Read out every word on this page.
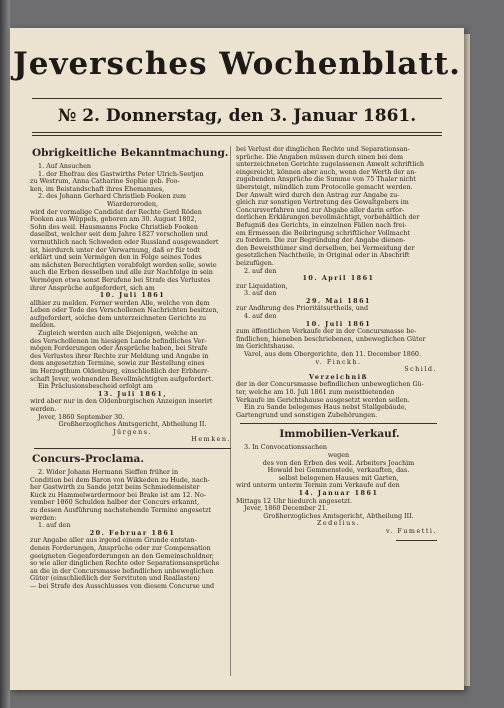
Jeversches Wochenblatt.
№ 2. Donnerstag, den 3. Januar 1861.
Obrigkeitliche Bekanntmachung.

1. Auf Ansuchen

1. der Ehefrau des Gastwirths Peter Ulrich-Seetjen

zu Westrum, Anna Catharine Sophie geb. Foo-

ken, im Beistandschaft ihres Ehemannes,

2. des Johann Gerhard Christlieb Fooken zum

Wiarderoroden,

wird der vormalige Candidat der Rechte Gerd Röden

Fooken aus Wüppels, geboren am 30. August 1802,

Sohn des weil. Hausmanns Focke Christlieb Fooken

daselbst, welcher seit dem Jahre 1827 verschollen und

vermuthlich nach Schweden oder Russland ausgewandert

ist, hierdurch unter der Verwarnung, daß er für todt

erklärt und sein Vermögen den in Folge seines Todes

am nächsten Berechtigten verabfolgt werden solle, sowie

auch die Erben desselben und alle zur Nachfolge in sein

Vermögen etwa sonst Berufene bei Strafe des Verlustes

ihrer Ansprüche aufgefordert, sich am

10. Juli 1861

allhier zu melden. Ferner werden Alle, welche von dem

Leben oder Tode des Verschollenen Nachrichten besitzen,

aufgefordert, solche dem unterzeichneten Gerichte zu

melden.

Zugleich werden auch alle Diejenigen, welche an

des Verschollenen im hiesigen Lande befindliches Ver-

mögen Forderungen oder Ansprüche haben, bei Strafe

des Verlustes ihrer Rechte zur Meldung und Angabe in

dem angesetzten Termine, sowie zur Bestellung eines

im Herzogthum Oldenburg, einschließlich der Erbherr-

schaft Jever, wohnenden Bevollmächtigten aufgefordert.

Ein Präclusionsbescheid erfolgt am

13. Juli 1861,

wird aber nur in den Oldenburgischen Anzeigen inserirt

werden.

Jever, 1860 September 30.

Großherzogliches Amtsgericht, Abtheilung II.

Jürgens.

Hemken.

Concurs-Proclama.

2. Wider Johann Hermann Sieffen früher in

Condition bei dem Baron von Wikkeden zu Hude, nach-

her Gastwirth zu Sande jetzt beim Schmiedemeister

Kuck zu Hammelwardermoor bei Brake ist am 12. No-

vember 1860 Schulden halber der Concurs erkannt,

zu dessen Ausführung nachstehende Termine angesetzt

werden:

1. auf den

20. Februar 1861

zur Angabe aller aus irgend einem Grunde entstan-

denen Forderungen, Ansprüche oder zur Compensation

geeigneten Gegenforderungen an den Gemeinschuldner,

so wie aller dinglichen Rechte oder Separationsansprüche

an die in der Concursmasse befindlichen unbeweglichen

Güter (einschließlich der Servituten und Reallasten)

— bei Strafe des Ausschlusses von diesem Concurse und

bei Verlust der dinglichen Rechte und Separationsan-

sprüche. Die Angaben müssen durch einen bei dem

unterzeichneten Gerichte zugelassenen Anwalt schriftlich

eingereicht, können aber auch, wenn der Werth der an-

zugebenden Ansprüche die Summe von 75 Thaler nicht

übersteigt, mündlich zum Protocolle gemacht werden.

Der Anwalt wird durch den Antrag zur Angabe zu-

gleich zur sonstigen Vertretung des Gewaltgebers im

Concursverfahren und zur Abgabe aller darin erfor-

derlichen Erklärungen bevollmächtigt, vorbehältlich der

Befugniß des Gerichts, in einzelnen Fällen nach frei-

em Ermessen die Beibringung schriftlicher Vollmacht

zu fordern. Die zur Begründung der Angabe dienen-

den Beweisthümer sind derselben, bei Vermeidung der

gesetzlichen Nachtheile, in Original oder in Abschrift

beizufügen.

2. auf den

10. April 1861

zur Liquidation,

3. auf den

29. Mai 1861

zur Andhrung des Prioritätsurtheils, und

4. auf den

10. Juli 1861

zum öffentlichen Verkaufe der in der Concursmasse be-

findlichen, hieneben beschriebenen, unbeweglichen Güter

im Gerichtshause.

Varel, aus dem Obergerichte, den 11. December 1860.

v. Finckh.

Schild.

Verzeichniß

der in der Concursmasse befindlichen unbeweglichen Gü-

ter, welche am 10. Juli 1861 zum meistbietenden

Verkaufe im Gerichtshause ausgesetzt werden sollen.

Ein zu Sande belegenes Haus nebst Stallgebäude,

Gartengrund und sonstigen Zubehörungen.

Immobilien-Verkauf.

3. In Convocationssachen

wegen

des von den Erben des weil. Arbeiters Joachim

Howald bei Gemmenstede, verkauften, das.

selbst belegenen Hauses mit Garten,

wird unterm unterm Termin zum Verkaufe auf den

14. Januar 1861

Mittags 12 Uhr hiedurch angesetzt.

Jever, 1860 December 21.

Großherzogliches Amtsgericht, Abtheilung III.

Zedelius.

v. Fumetti.
